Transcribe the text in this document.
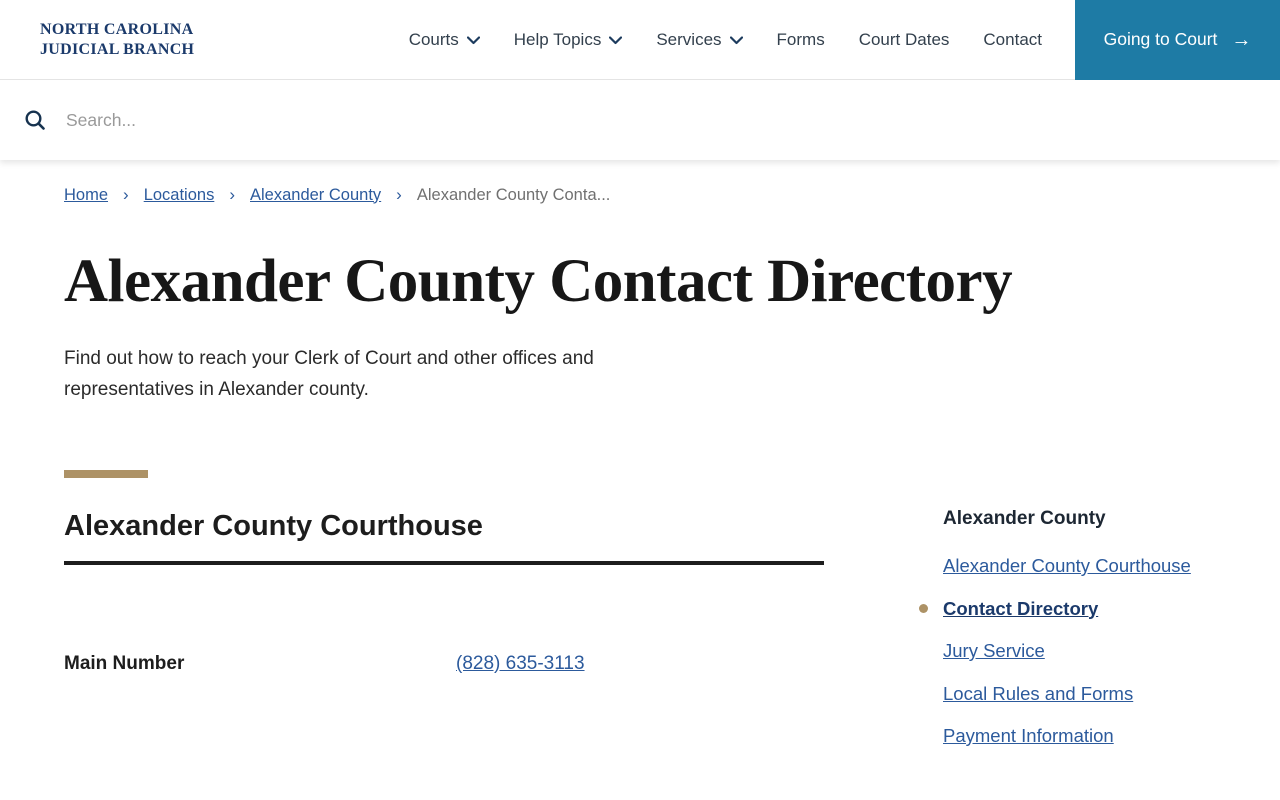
NORTH CAROLINA
JUDICIAL BRANCH
Courts	Help Topics	Services	Forms Court Dates Contact	Going to Court →
Search...
Home › Locations › Alexander County › Alexander County Conta...
Alexander County Contact Directory

Find out how to reach your Clerk of Court and other offices and representatives in Alexander county.

Alexander County Courthouse
Main Number	(828) 635-3113
Alexander County
Alexander County Courthouse
Contact Directory
Jury Service
Local Rules and Forms
Payment Information
